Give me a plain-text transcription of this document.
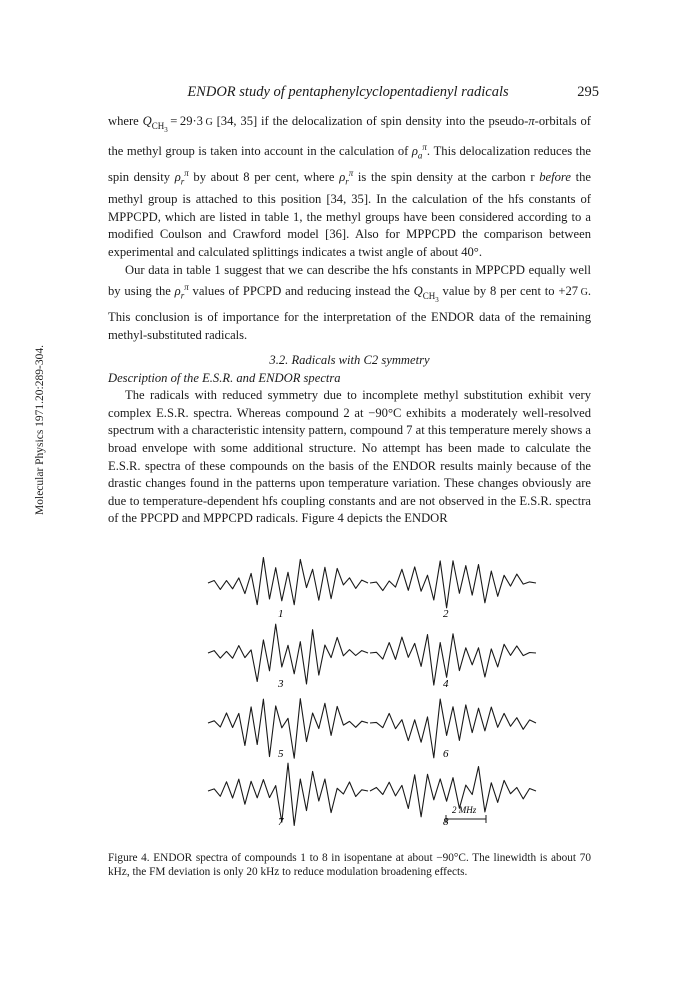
ENDOR study of pentaphenylcyclopentadienyl radicals	295
Molecular Physics 1971.20:289-304.

where $Q_{CH_3} = 29\cdot 3$ G [34, 35] if the delocalization of spin density into the pseudo-π-orbitals of the methyl group is taken into account in the calculation of $\rho_a^\pi$. This delocalization reduces the spin density $\rho_r^\pi$ by about 8 per cent, where $\rho_r^\pi$ is the spin density at the carbon r before the methyl group is attached to this position [34, 35]. In the calculation of the hfs constants of MPPCPD, which are listed in table 1, the methyl groups have been considered according to a modified Coulson and Crawford model [36]. Also for MPPCPD the comparison between experimental and calculated splittings indicates a twist angle of about 40°.

Our data in table 1 suggest that we can describe the hfs constants in MPPCPD equally well by using the $\rho_r^\pi$ values of PPCPD and reducing instead the $Q_{CH_3}$ value by 8 per cent to +27 G. This conclusion is of importance for the interpretation of the ENDOR data of the remaining methyl-substituted radicals.

3.2. Radicals with C2 symmetry

Description of the E.S.R. and ENDOR spectra

The radicals with reduced symmetry due to incomplete methyl substitution exhibit very complex E.S.R. spectra. Whereas compound 2 at −90°C exhibits a moderately well-resolved spectrum with a characteristic intensity pattern, compound 7 at this temperature merely shows a broad envelope with some additional structure. No attempt has been made to calculate the E.S.R. spectra of these compounds on the basis of the ENDOR results mainly because of the drastic changes found in the patterns upon temperature variation. These changes obviously are due to temperature-dependent hfs coupling constants and are not observed in the E.S.R. spectra of the PPCPD and MPPCPD radicals. Figure 4 depicts the ENDOR

1	2
3	4
5	6
7	8
2 MHz
Figure 4. ENDOR spectra of compounds 1 to 8 in isopentane at about −90°C. The linewidth is about 70 kHz, the FM deviation is only 20 kHz to reduce modulation broadening effects.
